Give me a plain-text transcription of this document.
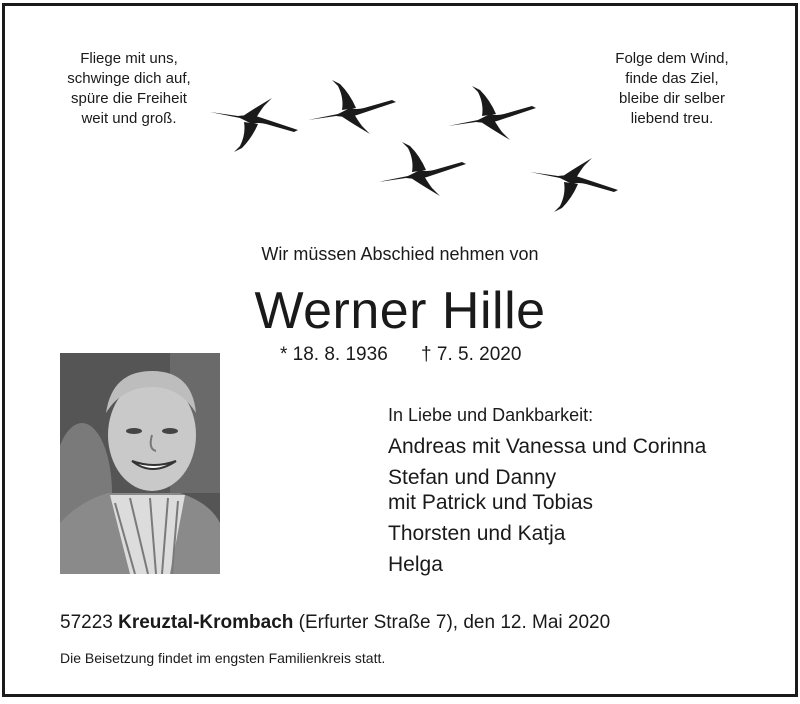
Fliege mit uns,
schwinge dich auf,
spüre die Freiheit
weit und groß.
Folge dem Wind,
finde das Ziel,
bleibe dir selber
liebend treu.
Wir müssen Abschied nehmen von
Werner Hille
* 18. 8. 1936 † 7. 5. 2020
In Liebe und Dankbarkeit:
Andreas mit Vanessa und Corinna
Stefan und Danny
mit Patrick und Tobias
Thorsten und Katja
Helga
57223 Kreuztal-Krombach (Erfurter Straße 7), den 12. Mai 2020
Die Beisetzung findet im engsten Familienkreis statt.
